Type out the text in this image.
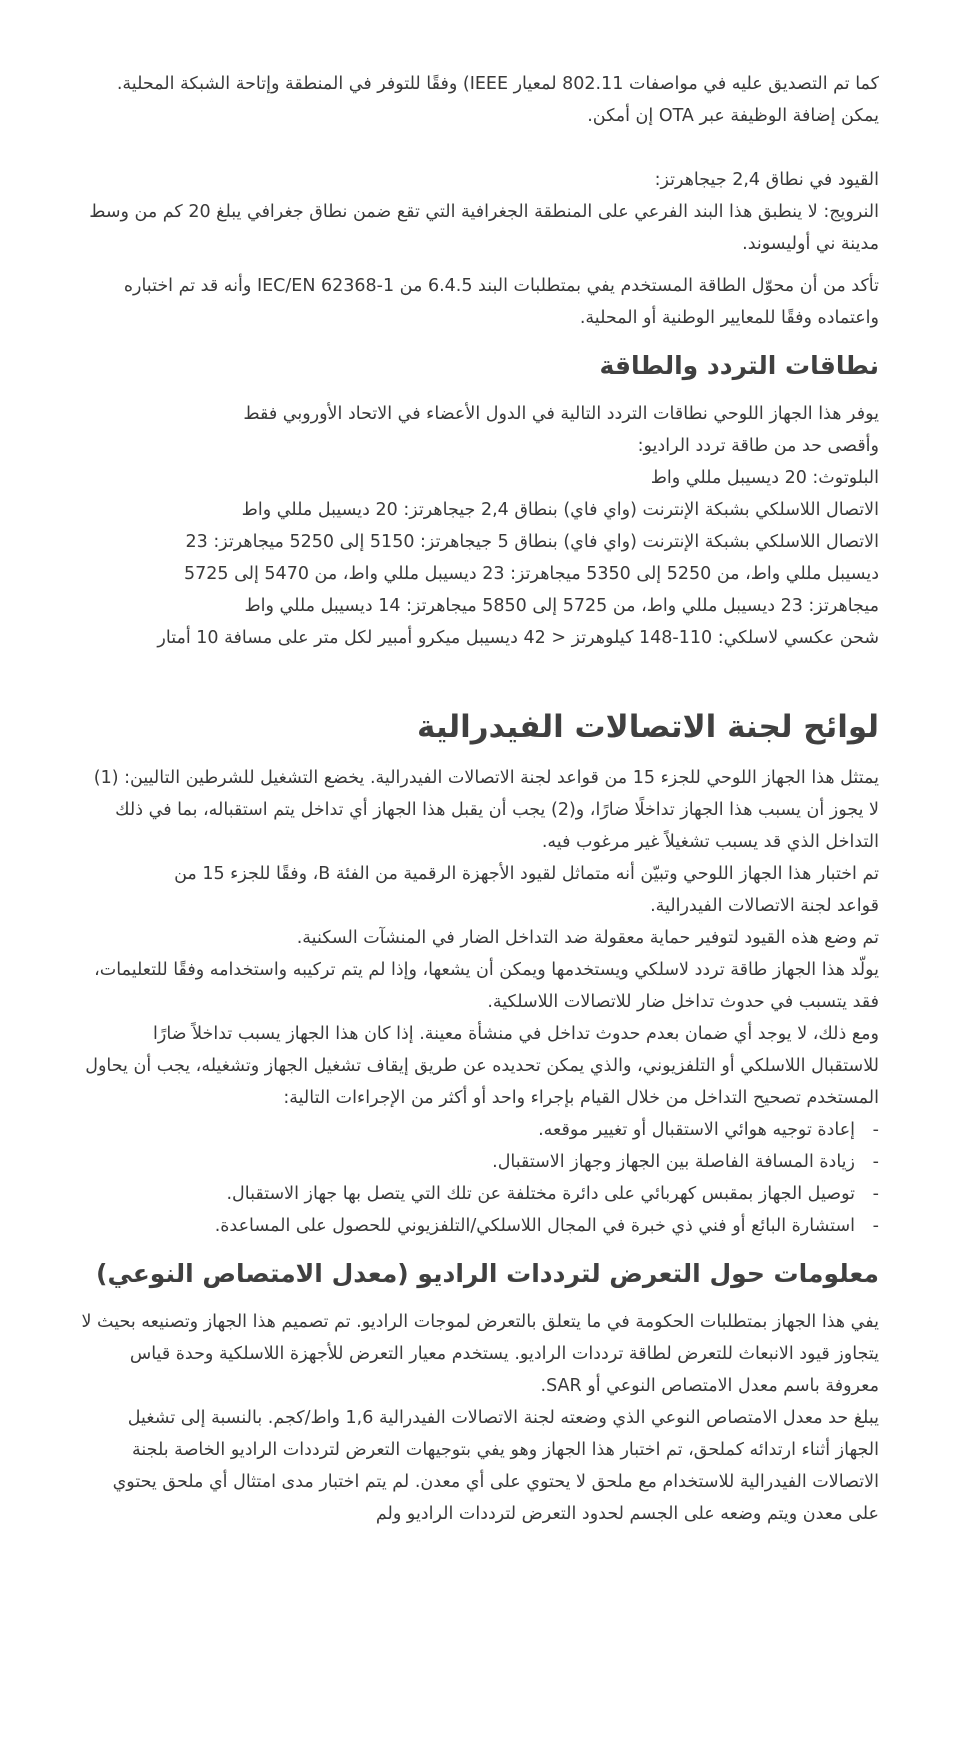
كما تم التصديق عليه في مواصفات 802.11 لمعيار IEEE) وفقًا للتوفر في المنطقة وإتاحة الشبكة المحلية.

يمكن إضافة الوظيفة عبر OTA إن أمكن.

القيود في نطاق 2,4 جيجاهرتز:

النرويج: لا ينطبق هذا البند الفرعي على المنطقة الجغرافية التي تقع ضمن نطاق جغرافي يبلغ 20 كم من وسط مدينة ني أوليسوند.

تأكد من أن محوّل الطاقة المستخدم يفي بمتطلبات البند 6.4.5 من IEC/EN 62368-1 وأنه قد تم اختباره واعتماده وفقًا للمعايير الوطنية أو المحلية.

نطاقات التردد والطاقة

يوفر هذا الجهاز اللوحي نطاقات التردد التالية في الدول الأعضاء في الاتحاد الأوروبي فقط

وأقصى حد من طاقة تردد الراديو:

البلوتوث: 20 ديسيبل مللي واط

الاتصال اللاسلكي بشبكة الإنترنت (واي فاي) بنطاق 2,4 جيجاهرتز: 20 ديسيبل مللي واط

الاتصال اللاسلكي بشبكة الإنترنت (واي فاي) بنطاق 5 جيجاهرتز: 5150 إلى 5250 ميجاهرتز: 23 ديسيبل مللي واط، من 5250 إلى 5350 ميجاهرتز: 23 ديسيبل مللي واط، من 5470 إلى 5725 ميجاهرتز: 23 ديسيبل مللي واط، من 5725 إلى 5850 ميجاهرتز: 14 ديسيبل مللي واط

شحن عكسي لاسلكي: 110-148 كيلوهرتز < 42 ديسيبل ميكرو أمبير لكل متر على مسافة 10 أمتار

لوائح لجنة الاتصالات الفيدرالية

يمتثل هذا الجهاز اللوحي للجزء 15 من قواعد لجنة الاتصالات الفيدرالية. يخضع التشغيل للشرطين التاليين: (1) لا يجوز أن يسبب هذا الجهاز تداخلًا ضارًا، و(2) يجب أن يقبل هذا الجهاز أي تداخل يتم استقباله، بما في ذلك التداخل الذي قد يسبب تشغيلاً غير مرغوب فيه.

تم اختبار هذا الجهاز اللوحي وتبيّن أنه متماثل لقيود الأجهزة الرقمية من الفئة B، وفقًا للجزء 15 من قواعد لجنة الاتصالات الفيدرالية.

تم وضع هذه القيود لتوفير حماية معقولة ضد التداخل الضار في المنشآت السكنية.

يولّد هذا الجهاز طاقة تردد لاسلكي ويستخدمها ويمكن أن يشعها، وإذا لم يتم تركيبه واستخدامه وفقًا للتعليمات، فقد يتسبب في حدوث تداخل ضار للاتصالات اللاسلكية.

ومع ذلك، لا يوجد أي ضمان بعدم حدوث تداخل في منشأة معينة. إذا كان هذا الجهاز يسبب تداخلاً ضارًا للاستقبال اللاسلكي أو التلفزيوني، والذي يمكن تحديده عن طريق إيقاف تشغيل الجهاز وتشغيله، يجب أن يحاول المستخدم تصحيح التداخل من خلال القيام بإجراء واحد أو أكثر من الإجراءات التالية:

-
إعادة توجيه هوائي الاستقبال أو تغيير موقعه.
-
زيادة المسافة الفاصلة بين الجهاز وجهاز الاستقبال.
-
توصيل الجهاز بمقبس كهربائي على دائرة مختلفة عن تلك التي يتصل بها جهاز الاستقبال.
-
استشارة البائع أو فني ذي خبرة في المجال اللاسلكي/التلفزيوني للحصول على المساعدة.
معلومات حول التعرض لترددات الراديو (معدل الامتصاص النوعي)

يفي هذا الجهاز بمتطلبات الحكومة في ما يتعلق بالتعرض لموجات الراديو. تم تصميم هذا الجهاز وتصنيعه بحيث لا يتجاوز قيود الانبعاث للتعرض لطاقة ترددات الراديو. يستخدم معيار التعرض للأجهزة اللاسلكية وحدة قياس معروفة باسم معدل الامتصاص النوعي أو SAR.

يبلغ حد معدل الامتصاص النوعي الذي وضعته لجنة الاتصالات الفيدرالية 1,6 واط/كجم. بالنسبة إلى تشغيل الجهاز أثناء ارتدائه كملحق، تم اختبار هذا الجهاز وهو يفي بتوجيهات التعرض لترددات الراديو الخاصة بلجنة الاتصالات الفيدرالية للاستخدام مع ملحق لا يحتوي على أي معدن. لم يتم اختبار مدى امتثال أي ملحق يحتوي على معدن ويتم وضعه على الجسم لحدود التعرض لترددات الراديو ولم
